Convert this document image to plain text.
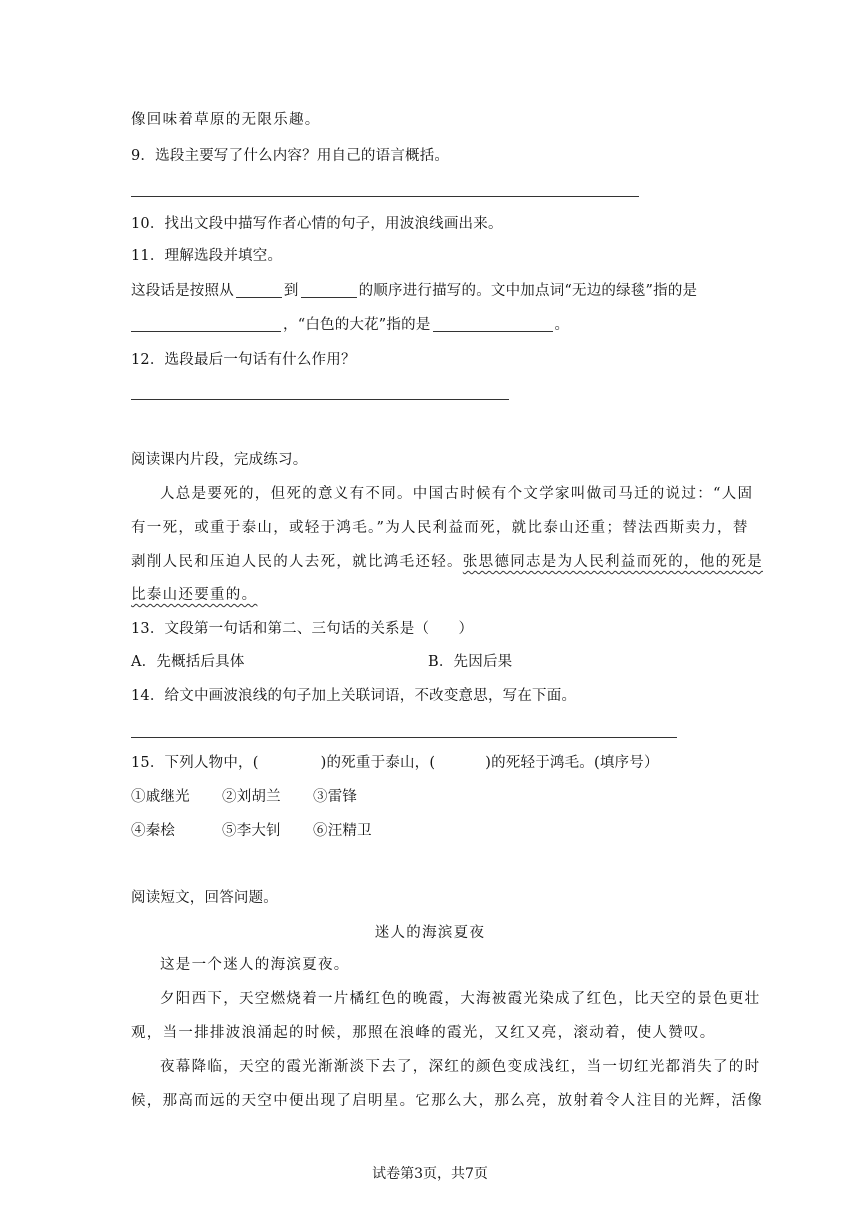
像回味着草原的无限乐趣。
9．选段主要写了什么内容？用自己的语言概括。
10．找出文段中描写作者心情的句子，用波浪线画出来。
11．理解选段并填空。
这段话是按照从	到	的顺序进行描写的。文中加点词“无边的绿毯”指的是
，“白色的大花”指的是	。
12．选段最后一句话有什么作用？
阅读课内片段，完成练习。
人总是要死的，但死的意义有不同。中国古时候有个文学家叫做司马迁的说过：“人固
有一死，或重于泰山，或轻于鸿毛。”为人民利益而死，就比泰山还重；替法西斯卖力，替
剥削人民和压迫人民的人去死，就比鸿毛还轻。张思德同志是为人民利益而死的，他的死是
比泰山还要重的。
13．文段第一句话和第二、三句话的关系是（　　）
A．先概括后具体	B．先因后果
14．给文中画波浪线的句子加上关联词语，不改变意思，写在下面。
15．下列人物中，(	)的死重于泰山，(	)的死轻于鸿毛。(填序号）
①戚继光 ②刘胡兰 ③雷锋
④秦桧	⑤李大钊 ⑥汪精卫
阅读短文，回答问题。
迷人的海滨夏夜
这是一个迷人的海滨夏夜。
夕阳西下，天空燃烧着一片橘红色的晚霞，大海被霞光染成了红色，比天空的景色更壮
观，当一排排波浪涌起的时候，那照在浪峰的霞光，又红又亮，滚动着，使人赞叹。
夜幕降临，天空的霞光渐渐淡下去了，深红的颜色变成浅红，当一切红光都消失了的时
候，那高而远的天空中便出现了启明星。它那么大，那么亮，放射着令人注目的光辉，活像
试卷第3页，共7页
